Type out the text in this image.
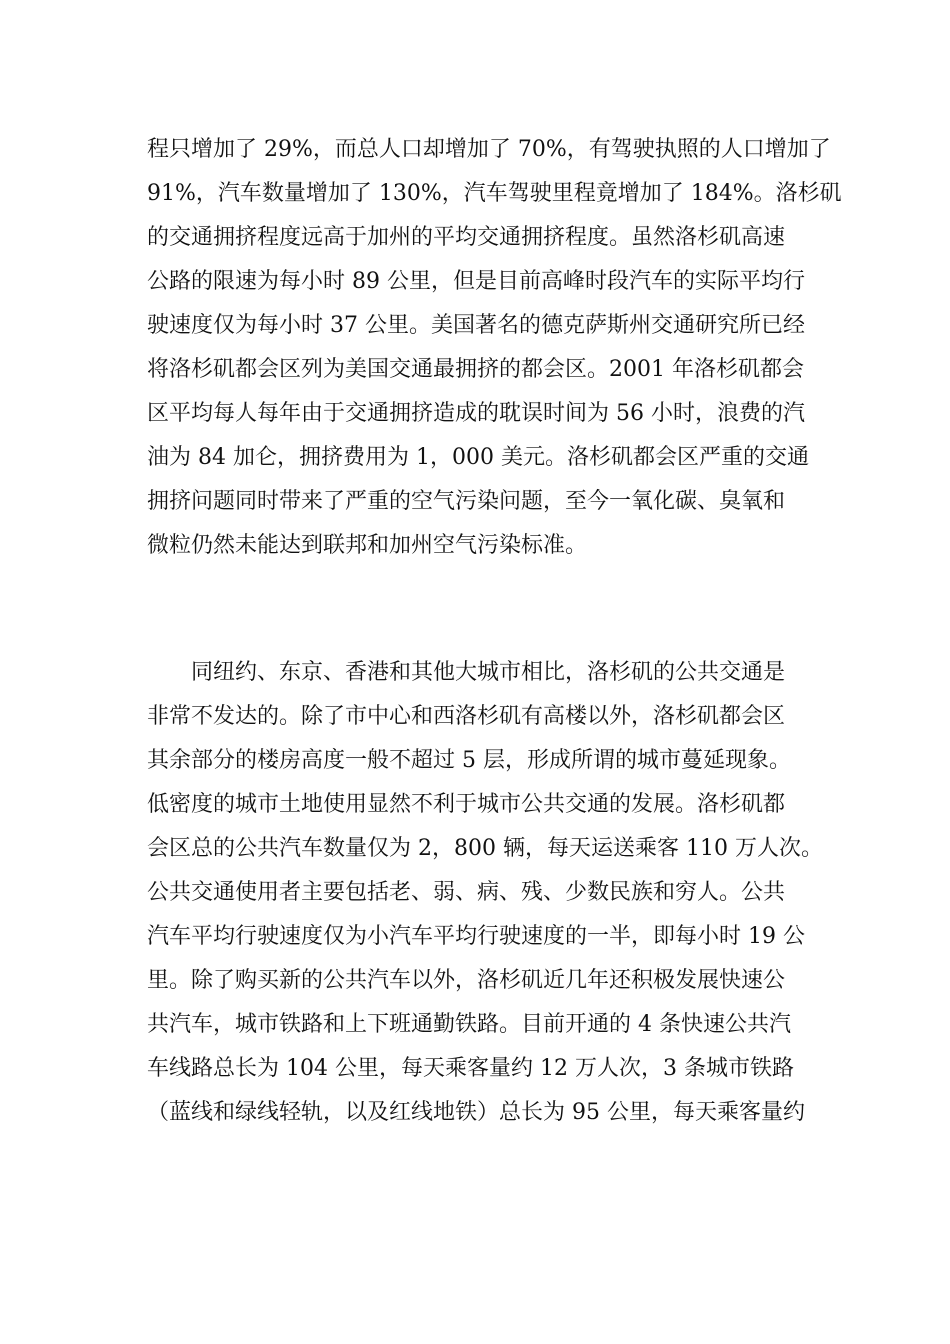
程只增加了 29%，而总人口却增加了 70%，有驾驶执照的人口增加了
91%，汽车数量增加了 130%，汽车驾驶里程竟增加了 184%。洛杉矶
的交通拥挤程度远高于加州的平均交通拥挤程度。虽然洛杉矶高速
公路的限速为每小时 89 公里，但是目前高峰时段汽车的实际平均行
驶速度仅为每小时 37 公里。美国著名的德克萨斯州交通研究所已经
将洛杉矶都会区列为美国交通最拥挤的都会区。2001 年洛杉矶都会
区平均每人每年由于交通拥挤造成的耽误时间为 56 小时，浪费的汽
油为 84 加仑，拥挤费用为 1，000 美元。洛杉矶都会区严重的交通
拥挤问题同时带来了严重的空气污染问题，至今一氧化碳、臭氧和
微粒仍然未能达到联邦和加州空气污染标准。
　　同纽约、东京、香港和其他大城市相比，洛杉矶的公共交通是
非常不发达的。除了市中心和西洛杉矶有高楼以外，洛杉矶都会区
其余部分的楼房高度一般不超过 5 层，形成所谓的城市蔓延现象。
低密度的城市土地使用显然不利于城市公共交通的发展。洛杉矶都
会区总的公共汽车数量仅为 2，800 辆，每天运送乘客 110 万人次。
公共交通使用者主要包括老、弱、病、残、少数民族和穷人。公共
汽车平均行驶速度仅为小汽车平均行驶速度的一半，即每小时 19 公
里。除了购买新的公共汽车以外，洛杉矶近几年还积极发展快速公
共汽车，城市铁路和上下班通勤铁路。目前开通的 4 条快速公共汽
车线路总长为 104 公里，每天乘客量约 12 万人次，3 条城市铁路
（蓝线和绿线轻轨，以及红线地铁）总长为 95 公里，每天乘客量约
